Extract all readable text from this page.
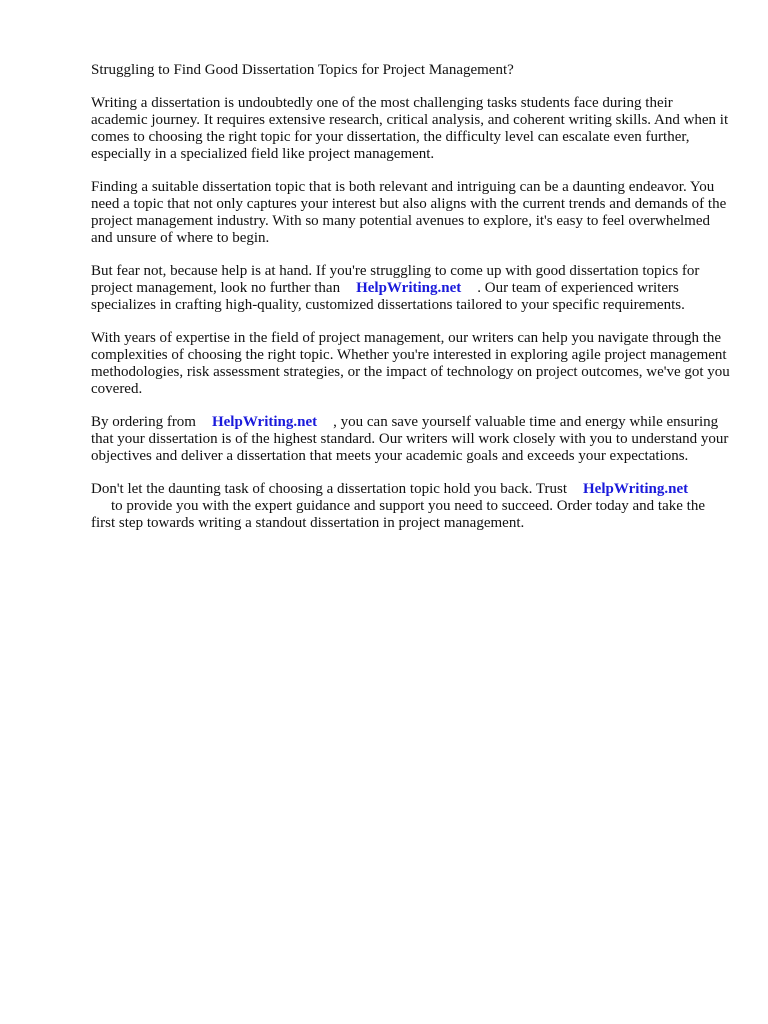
Struggling to Find Good Dissertation Topics for Project Management?

Writing a dissertation is undoubtedly one of the most challenging tasks students face during their academic journey. It requires extensive research, critical analysis, and coherent writing skills. And when it comes to choosing the right topic for your dissertation, the difficulty level can escalate even further, especially in a specialized field like project management.

Finding a suitable dissertation topic that is both relevant and intriguing can be a daunting endeavor. You need a topic that not only captures your interest but also aligns with the current trends and demands of the project management industry. With so many potential avenues to explore, it's easy to feel overwhelmed and unsure of where to begin.

But fear not, because help is at hand. If you're struggling to come up with good dissertation topics for project management, look no further than HelpWriting.net . Our team of experienced writers specializes in crafting high-quality, customized dissertations tailored to your specific requirements.

With years of expertise in the field of project management, our writers can help you navigate through the complexities of choosing the right topic. Whether you're interested in exploring agile project management methodologies, risk assessment strategies, or the impact of technology on project outcomes, we've got you covered.

By ordering from HelpWriting.net , you can save yourself valuable time and energy while ensuring that your dissertation is of the highest standard. Our writers will work closely with you to understand your objectives and deliver a dissertation that meets your academic goals and exceeds your expectations.

Don't let the daunting task of choosing a dissertation topic hold you back. Trust HelpWriting.net
to provide you with the expert guidance and support you need to succeed. Order today and take the first step towards writing a standout dissertation in project management.
